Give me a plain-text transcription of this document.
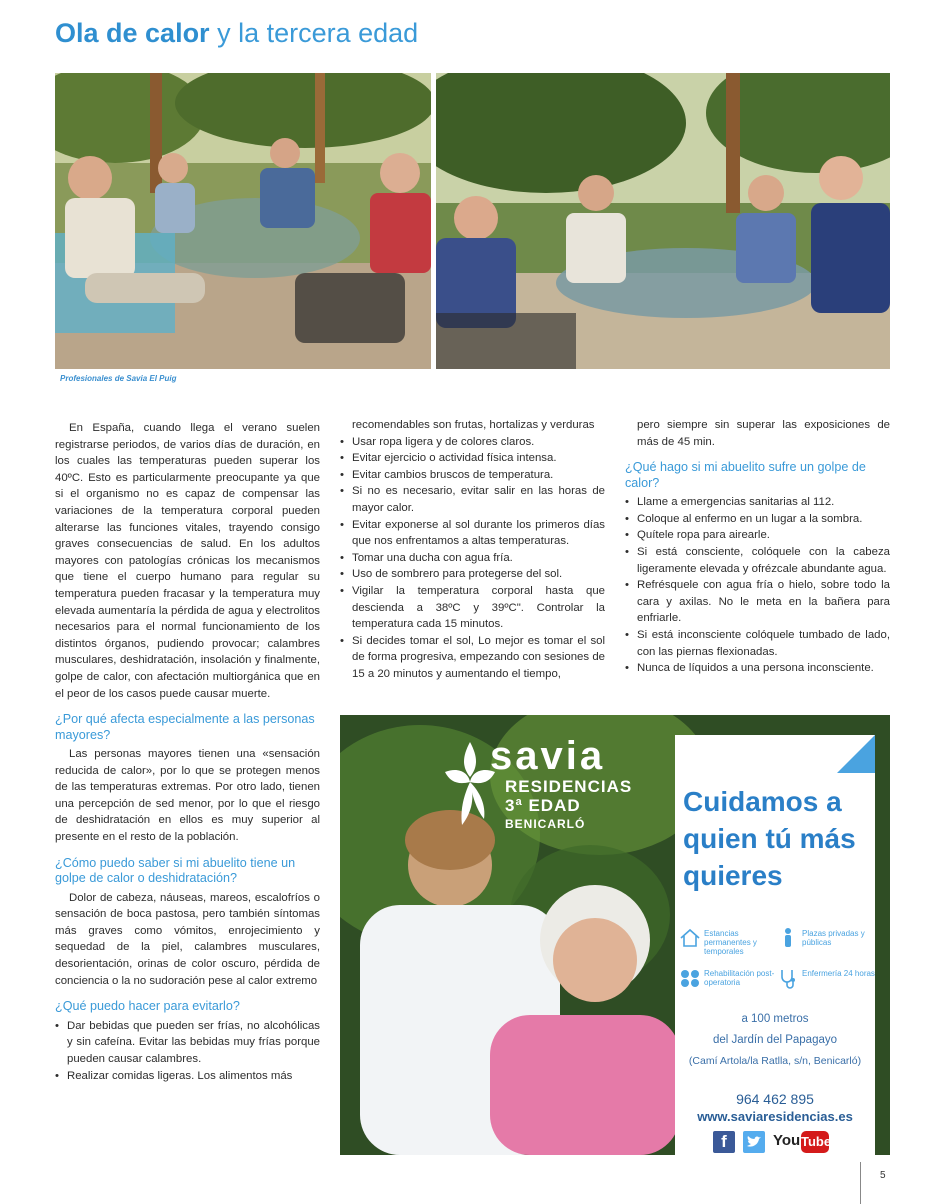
Ola de calor y la tercera edad
Profesionales de Savia El Puig

En España, cuando llega el verano suelen registrarse periodos, de varios días de duración, en los cuales las temperaturas pueden superar los 40ºC. Esto es particularmente preocupante ya que si el organismo no es capaz de compensar las variaciones de la temperatura corporal pueden alterarse las funciones vitales, trayendo consigo graves consecuencias de salud. En los adultos mayores con patologías crónicas los mecanismos que tiene el cuerpo humano para regular su temperatura pueden fracasar y la temperatura muy elevada aumentaría la pérdida de agua y electrolitos necesarios para el normal funcionamiento de los distintos órganos, pudiendo provocar; calambres musculares, deshidratación, insolación y finalmente, golpe de calor, con afectación multiorgánica que en el peor de los casos puede causar muerte.

¿Por qué afecta especialmente a las personas mayores?

Las personas mayores tienen una «sensación reducida de calor», por lo que se protegen menos de las temperaturas extremas. Por otro lado, tienen una percepción de sed menor, por lo que el riesgo de deshidratación en ellos es muy superior al presente en el resto de la población.

¿Cómo puedo saber si mi abuelito tiene un golpe de calor o deshidratación?

Dolor de cabeza, náuseas, mareos, escalofríos o sensación de boca pastosa, pero también síntomas más graves como vómitos, enrojecimiento y sequedad de la piel, calambres musculares, desorientación, orinas de color oscuro, pérdida de conciencia o la no sudoración pese al calor extremo

¿Qué puedo hacer para evitarlo?
• Dar bebidas que pueden ser frías, no alcohólicas y sin cafeína. Evitar las bebidas muy frías porque pueden causar calambres.
• Realizar comidas ligeras. Los alimentos más
recomendables son frutas, hortalizas y verduras
• Usar ropa ligera y de colores claros.
• Evitar ejercicio o actividad física intensa.
• Evitar cambios bruscos de temperatura.
• Si no es necesario, evitar salir en las horas de mayor calor.
• Evitar exponerse al sol durante los primeros días que nos enfrentamos a altas temperaturas.
• Tomar una ducha con agua fría.
• Uso de sombrero para protegerse del sol.
• Vigilar la temperatura corporal hasta que descienda a 38ºC y 39ºC". Controlar la temperatura cada 15 minutos.
• Si decides tomar el sol, Lo mejor es tomar el sol de forma progresiva, empezando con sesiones de 15 a 20 minutos y aumentando el tiempo,
pero siempre sin superar las exposiciones de más de 45 min.
¿Qué hago si mi abuelito sufre un golpe de calor?
• Llame a emergencias sanitarias al 112.
• Coloque al enfermo en un lugar a la sombra.
• Quítele ropa para airearle.
• Si está consciente, colóquele con la cabeza ligeramente elevada y ofrézcale abundante agua.
• Refrésquele con agua fría o hielo, sobre todo la cara y axilas. No le meta en la bañera para enfriarle.
• Si está inconsciente colóquele tumbado de lado, con las piernas flexionadas.
• Nunca de líquidos a una persona inconsciente.
savia
RESIDENCIAS
3ª EDAD
BENICARLÓ
Cuidamos a quien tú más quieres
Estancias permanentes y temporales
Plazas privadas y públicas
Rehabilitación post-operatoria
Enfermería 24 horas
a 100 metros
del Jardín del Papagayo
(Camí Artola/la Ratlla, s/n, Benicarló)
964 462 895
www.saviaresidencias.es
f	You Tube
5
